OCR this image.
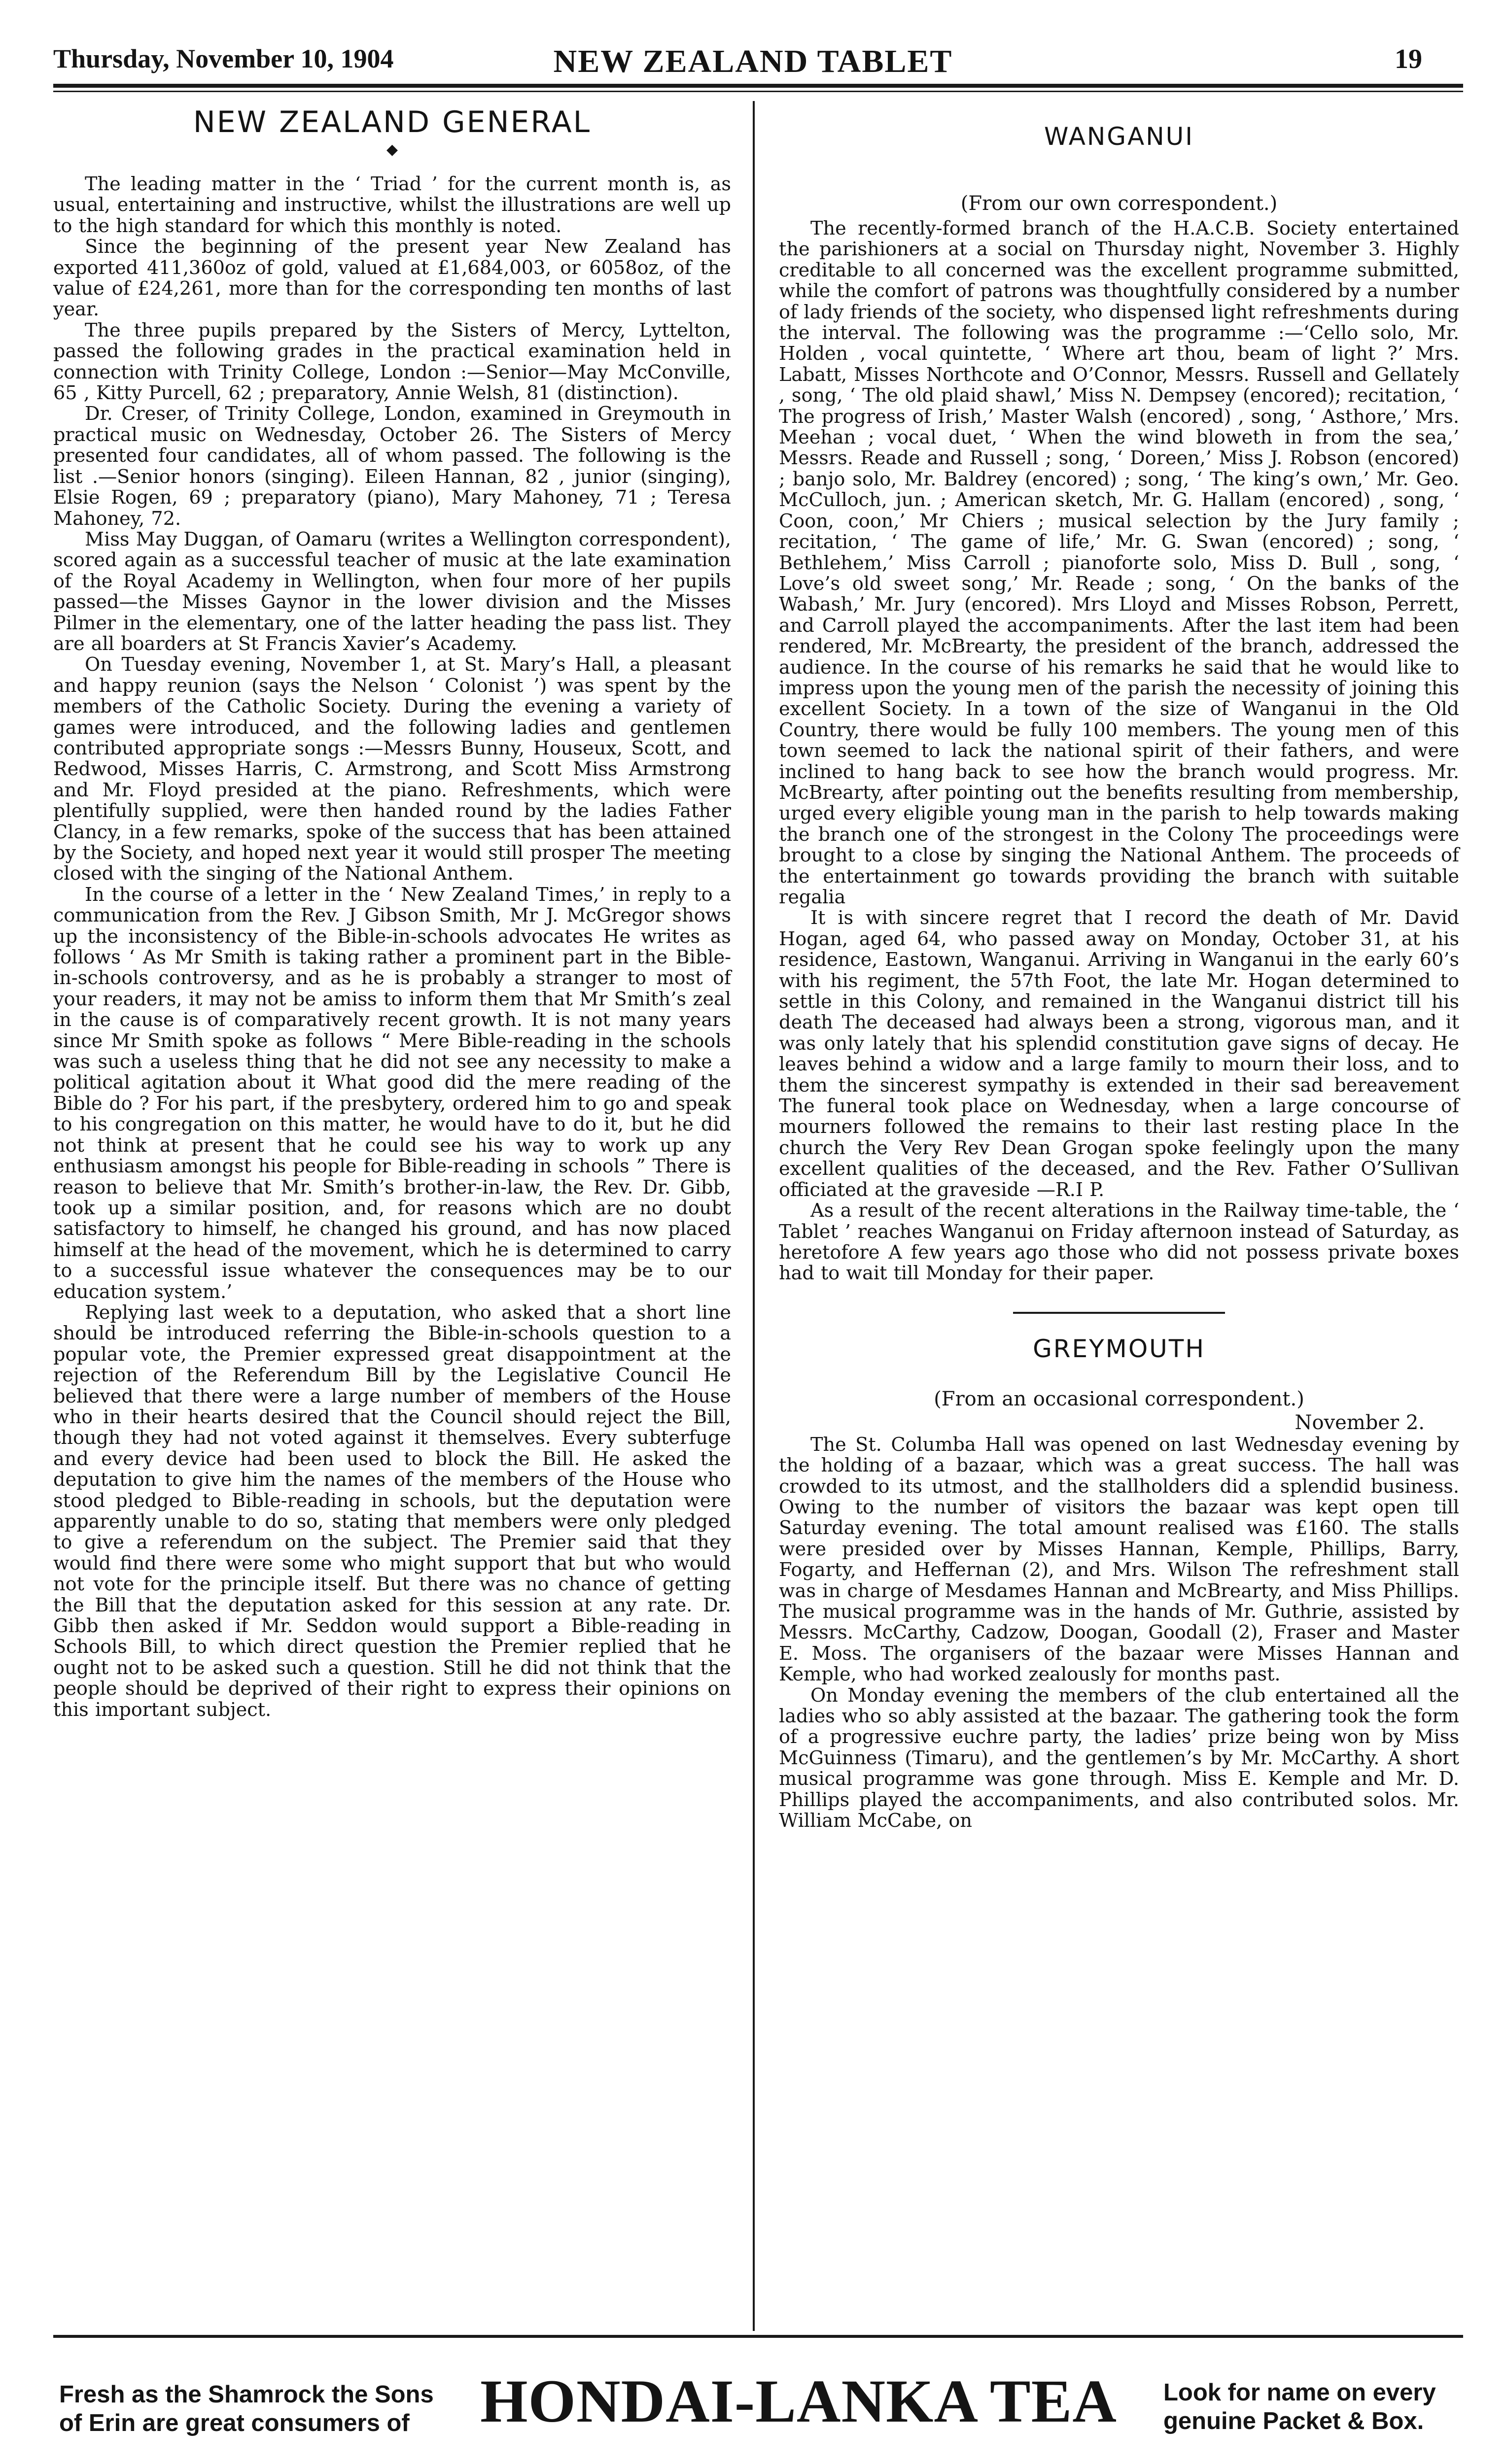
Thursday, November 10, 1904	NEW ZEALAND TABLET	19
NEW ZEALAND GENERAL
◆

The leading matter in the ‘ Triad ’ for the current month is, as usual, entertaining and instructive, whilst the illustrations are well up to the high standard for which this monthly is noted.

Since the beginning of the present year New Zealand has exported 411,360oz of gold, valued at £1,684,003, or 6058oz, of the value of £24,261, more than for the corresponding ten months of last year.

The three pupils prepared by the Sisters of Mercy, Lyttelton, passed the following grades in the practical examination held in connection with Trinity College, London :—Senior—May McConville, 65 , Kitty Purcell, 62 ; preparatory, Annie Welsh, 81 (distinction).

Dr. Creser, of Trinity College, London, examined in Greymouth in practical music on Wednesday, October 26. The Sisters of Mercy presented four candidates, all of whom passed. The following is the list .—Senior honors (singing). Eileen Hannan, 82 , junior (singing), Elsie Rogen, 69 ; preparatory (piano), Mary Mahoney, 71 ; Teresa Mahoney, 72.

Miss May Duggan, of Oamaru (writes a Wellington correspondent), scored again as a successful teacher of music at the late examination of the Royal Academy in Wellington, when four more of her pupils passed—the Misses Gaynor in the lower division and the Misses Pilmer in the elementary, one of the latter heading the pass list. They are all boarders at St Francis Xavier’s Academy.

On Tuesday evening, November 1, at St. Mary’s Hall, a pleasant and happy reunion (says the Nelson ‘ Colonist ’) was spent by the members of the Catholic Society. During the evening a variety of games were introduced, and the following ladies and gentlemen contributed appropriate songs :—Messrs Bunny, Houseux, Scott, and Redwood, Misses Harris, C. Armstrong, and Scott Miss Armstrong and Mr. Floyd presided at the piano. Refreshments, which were plentifully supplied, were then handed round by the ladies Father Clancy, in a few remarks, spoke of the success that has been attained by the Society, and hoped next year it would still prosper The meeting closed with the singing of the National Anthem.

In the course of a letter in the ‘ New Zealand Times,’ in reply to a communication from the Rev. J Gibson Smith, Mr J. McGregor shows up the inconsistency of the Bible-in-schools advocates He writes as follows ‘ As Mr Smith is taking rather a prominent part in the Bible-in-schools controversy, and as he is probably a stranger to most of your readers, it may not be amiss to inform them that Mr Smith’s zeal in the cause is of comparatively recent growth. It is not many years since Mr Smith spoke as follows “ Mere Bible-reading in the schools was such a useless thing that he did not see any necessity to make a political agitation about it What good did the mere reading of the Bible do ? For his part, if the presbytery, ordered him to go and speak to his congregation on this matter, he would have to do it, but he did not think at present that he could see his way to work up any enthusiasm amongst his people for Bible-reading in schools ” There is reason to believe that Mr. Smith’s brother-in-law, the Rev. Dr. Gibb, took up a similar position, and, for reasons which are no doubt satisfactory to himself, he changed his ground, and has now placed himself at the head of the movement, which he is determined to carry to a successful issue whatever the consequences may be to our education system.’

Replying last week to a deputation, who asked that a short line should be introduced referring the Bible-in-schools question to a popular vote, the Premier expressed great disappointment at the rejection of the Referendum Bill by the Legislative Council He believed that there were a large number of members of the House who in their hearts desired that the Council should reject the Bill, though they had not voted against it themselves. Every subterfuge and every device had been used to block the Bill. He asked the deputation to give him the names of the members of the House who stood pledged to Bible-reading in schools, but the deputation were apparently unable to do so, stating that members were only pledged to give a referendum on the subject. The Premier said that they would find there were some who might support that but who would not vote for the principle itself. But there was no chance of getting the Bill that the deputation asked for this session at any rate. Dr. Gibb then asked if Mr. Seddon would support a Bible-reading in Schools Bill, to which direct question the Premier replied that he ought not to be asked such a question. Still he did not think that the people should be deprived of their right to express their opinions on this important subject.

WANGANUI
(From our own correspondent.)

The recently-formed branch of the H.A.C.B. Society entertained the parishioners at a social on Thursday night, November 3. Highly creditable to all concerned was the excellent programme submitted, while the comfort of patrons was thoughtfully considered by a number of lady friends of the society, who dispensed light refreshments during the interval. The following was the programme :—‘Cello solo, Mr. Holden , vocal quintette, ‘ Where art thou, beam of light ?’ Mrs. Labatt, Misses Northcote and O’Connor, Messrs. Russell and Gellately , song, ‘ The old plaid shawl,’ Miss N. Dempsey (encored); recitation, ‘ The progress of Irish,’ Master Walsh (encored) , song, ‘ Asthore,’ Mrs. Meehan ; vocal duet, ‘ When the wind bloweth in from the sea,’ Messrs. Reade and Russell ; song, ‘ Doreen,’ Miss J. Robson (encored) ; banjo solo, Mr. Baldrey (encored) ; song, ‘ The king’s own,’ Mr. Geo. McCulloch, jun. ; American sketch, Mr. G. Hallam (encored) , song, ‘ Coon, coon,’ Mr Chiers ; musical selection by the Jury family ; recitation, ‘ The game of life,’ Mr. G. Swan (encored) ; song, ‘ Bethlehem,’ Miss Carroll ; pianoforte solo, Miss D. Bull , song, ‘ Love’s old sweet song,’ Mr. Reade ; song, ‘ On the banks of the Wabash,’ Mr. Jury (encored). Mrs Lloyd and Misses Robson, Perrett, and Carroll played the accompaniments. After the last item had been rendered, Mr. McBrearty, the president of the branch, addressed the audience. In the course of his remarks he said that he would like to impress upon the young men of the parish the necessity of joining this excellent Society. In a town of the size of Wanganui in the Old Country, there would be fully 100 members. The young men of this town seemed to lack the national spirit of their fathers, and were inclined to hang back to see how the branch would progress. Mr. McBrearty, after pointing out the benefits resulting from membership, urged every eligible young man in the parish to help towards making the branch one of the strongest in the Colony The proceedings were brought to a close by singing the National Anthem. The proceeds of the entertainment go towards providing the branch with suitable regalia

It is with sincere regret that I record the death of Mr. David Hogan, aged 64, who passed away on Monday, October 31, at his residence, Eastown, Wanganui. Arriving in Wanganui in the early 60’s with his regiment, the 57th Foot, the late Mr. Hogan determined to settle in this Colony, and remained in the Wanganui district till his death The deceased had always been a strong, vigorous man, and it was only lately that his splendid constitution gave signs of decay. He leaves behind a widow and a large family to mourn their loss, and to them the sincerest sympathy is extended in their sad bereavement The funeral took place on Wednesday, when a large concourse of mourners followed the remains to their last resting place In the church the Very Rev Dean Grogan spoke feelingly upon the many excellent qualities of the deceased, and the Rev. Father O’Sullivan officiated at the graveside —R.I P.

As a result of the recent alterations in the Railway time-table, the ‘ Tablet ’ reaches Wanganui on Friday afternoon instead of Saturday, as heretofore A few years ago those who did not possess private boxes had to wait till Monday for their paper.

GREYMOUTH
(From an occasional correspondent.)
November 2.

The St. Columba Hall was opened on last Wednesday evening by the holding of a bazaar, which was a great success. The hall was crowded to its utmost, and the stallholders did a splendid business. Owing to the number of visitors the bazaar was kept open till Saturday evening. The total amount realised was £160. The stalls were presided over by Misses Hannan, Kemple, Phillips, Barry, Fogarty, and Heffernan (2), and Mrs. Wilson The refreshment stall was in charge of Mesdames Hannan and McBrearty, and Miss Phillips. The musical programme was in the hands of Mr. Guthrie, assisted by Messrs. McCarthy, Cadzow, Doogan, Goodall (2), Fraser and Master E. Moss. The organisers of the bazaar were Misses Hannan and Kemple, who had worked zealously for months past.

On Monday evening the members of the club entertained all the ladies who so ably assisted at the bazaar. The gathering took the form of a progressive euchre party, the ladies’ prize being won by Miss McGuinness (Timaru), and the gentlemen’s by Mr. McCarthy. A short musical programme was gone through. Miss E. Kemple and Mr. D. Phillips played the accompaniments, and also contributed solos. Mr. William McCabe, on

Fresh as the Shamrock the Sons of Erin are great consumers of	HONDAI-LANKA TEA	Look for name on every genuine Packet & Box.
